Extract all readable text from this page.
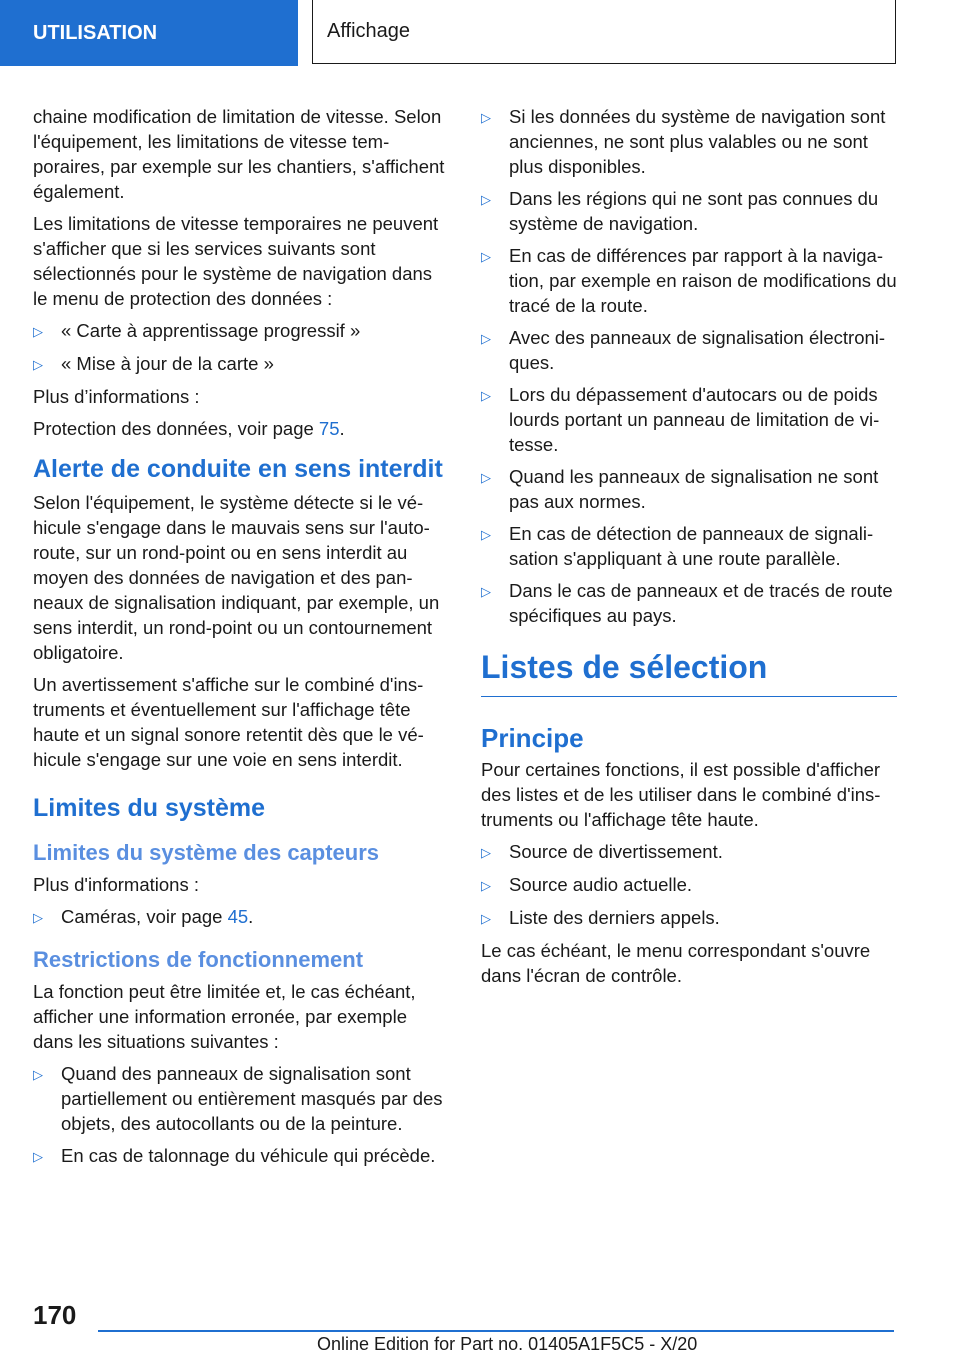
UTILISATION	Affichage

chaine modification de limitation de vitesse. Selon l'équipement, les limitations de vitesse temporaires, par exemple sur les chantiers, s'affichent également.

Les limitations de vitesse temporaires ne peuvent s'afficher que si les services suivants sont sélectionnés pour le système de navigation dans le menu de protection des données :

▷ « Carte à apprentissage progressif »
▷ « Mise à jour de la carte »

Plus d’informations :

Protection des données, voir page 75.

Alerte de conduite en sens interdit

Selon l'équipement, le système détecte si le véhicule s'engage dans le mauvais sens sur l'autoroute, sur un rond-point ou en sens interdit au moyen des données de navigation et des panneaux de signalisation indiquant, par exemple, un sens interdit, un rond-point ou un contournement obligatoire.

Un avertissement s'affiche sur le combiné d'instruments et éventuellement sur l'affichage tête haute et un signal sonore retentit dès que le véhicule s'engage sur une voie en sens interdit.

Limites du système
Limites du système des capteurs

Plus d'informations :

▷ Caméras, voir page 45.
Restrictions de fonctionnement

La fonction peut être limitée et, le cas échéant, afficher une information erronée, par exemple dans les situations suivantes :

▷ Quand des panneaux de signalisation sont partiellement ou entièrement masqués par des objets, des autocollants ou de la peinture.
▷ En cas de talonnage du véhicule qui précède.
▷ Si les données du système de navigation sont anciennes, ne sont plus valables ou ne sont plus disponibles.
▷ Dans les régions qui ne sont pas connues du système de navigation.
▷ En cas de différences par rapport à la navigation, par exemple en raison de modifications du tracé de la route.
▷ Avec des panneaux de signalisation électroniques.
▷ Lors du dépassement d'autocars ou de poids lourds portant un panneau de limitation de vitesse.
▷ Quand les panneaux de signalisation ne sont pas aux normes.
▷ En cas de détection de panneaux de signalisation s'appliquant à une route parallèle.
▷ Dans le cas de panneaux et de tracés de route spécifiques au pays.
Listes de sélection
Principe

Pour certaines fonctions, il est possible d'afficher des listes et de les utiliser dans le combiné d'instruments ou l'affichage tête haute.

▷ Source de divertissement.
▷ Source audio actuelle.
▷ Liste des derniers appels.

Le cas échéant, le menu correspondant s'ouvre dans l'écran de contrôle.

170
Online Edition for Part no. 01405A1F5C5 - X/20
